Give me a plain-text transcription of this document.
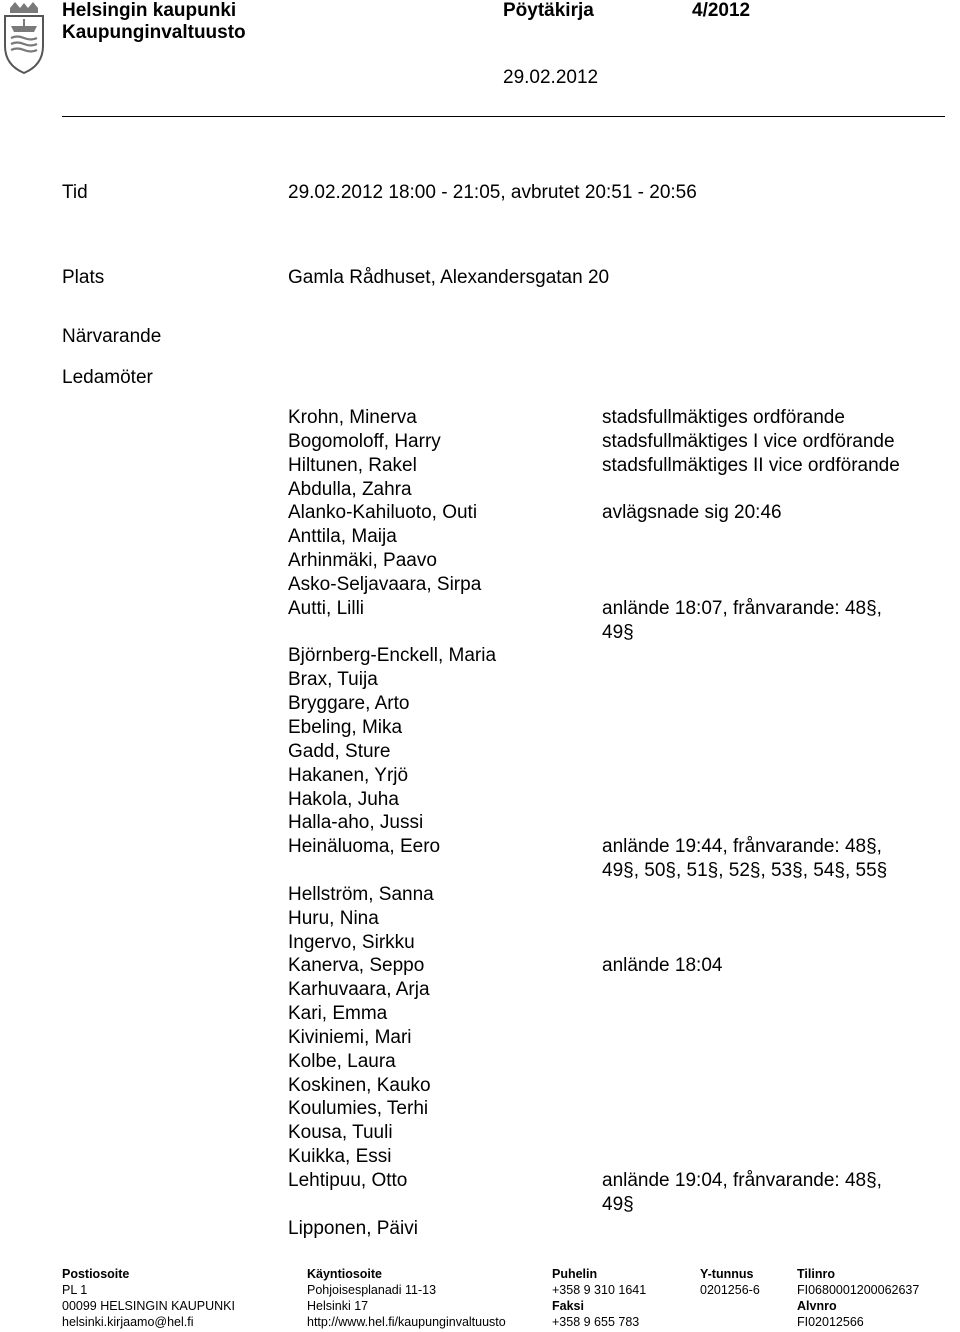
Helsingin kaupunki
Kaupunginvaltuusto
Pöytäkirja	4/2012
29.02.2012
Tid	29.02.2012 18:00 - 21:05, avbrutet 20:51 - 20:56
Plats	Gamla Rådhuset, Alexandersgatan 20
Närvarande
Ledamöter
Krohn, Minerva	stadsfullmäktiges ordförande
Bogomoloff, Harry	stadsfullmäktiges I vice ordförande
Hiltunen, Rakel	stadsfullmäktiges II vice ordförande
Abdulla, Zahra
Alanko-Kahiluoto, Outi	avlägsnade sig 20:46
Anttila, Maija
Arhinmäki, Paavo
Asko-Seljavaara, Sirpa
Autti, Lilli	anlände 18:07, frånvarande: 48§,
49§
Björnberg-Enckell, Maria
Brax, Tuija
Bryggare, Arto
Ebeling, Mika
Gadd, Sture
Hakanen, Yrjö
Hakola, Juha
Halla-aho, Jussi
Heinäluoma, Eero	anlände 19:44, frånvarande: 48§,
49§, 50§, 51§, 52§, 53§, 54§, 55§
Hellström, Sanna
Huru, Nina
Ingervo, Sirkku
Kanerva, Seppo	anlände 18:04
Karhuvaara, Arja
Kari, Emma
Kiviniemi, Mari
Kolbe, Laura
Koskinen, Kauko
Koulumies, Terhi
Kousa, Tuuli
Kuikka, Essi
Lehtipuu, Otto	anlände 19:04, frånvarande: 48§,
49§
Lipponen, Päivi
Postiosoite
PL 1
00099 HELSINGIN KAUPUNKI
helsinki.kirjaamo@hel.fi
Käyntiosoite
Pohjoisesplanadi 11-13
Helsinki 17
http://www.hel.fi/kaupunginvaltuusto
Puhelin
+358 9 310 1641
Faksi
+358 9 655 783
Y-tunnus
0201256-6
Tilinro
FI0680001200062637
Alvnro
FI02012566
